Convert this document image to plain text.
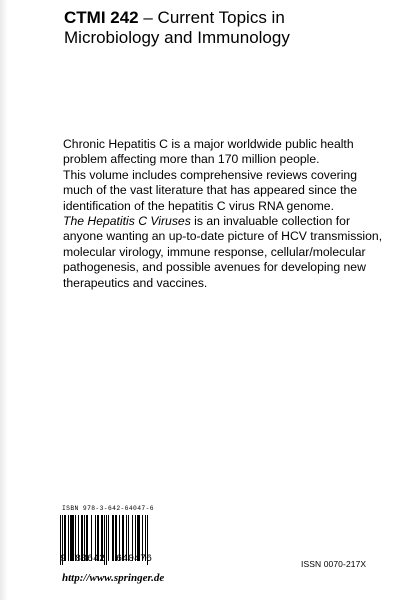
CTMI 242 – Current Topics in Microbiology and Immunology

Chronic Hepatitis C is a major worldwide public health problem affecting more than 170 million people.

This volume includes comprehensive reviews covering much of the vast literature that has appeared since the identification of the hepatitis C virus RNA genome.

The Hepatitis C Viruses is an invaluable collection for anyone wanting an up-to-date picture of HCV transmission, molecular virology, immune response, cellular/molecular pathogenesis, and possible avenues for developing new therapeutics and vaccines.

ISBN 978-3-642-64047-6
9 783642 640476	ISSN 0070-217X
http://www.springer.de
